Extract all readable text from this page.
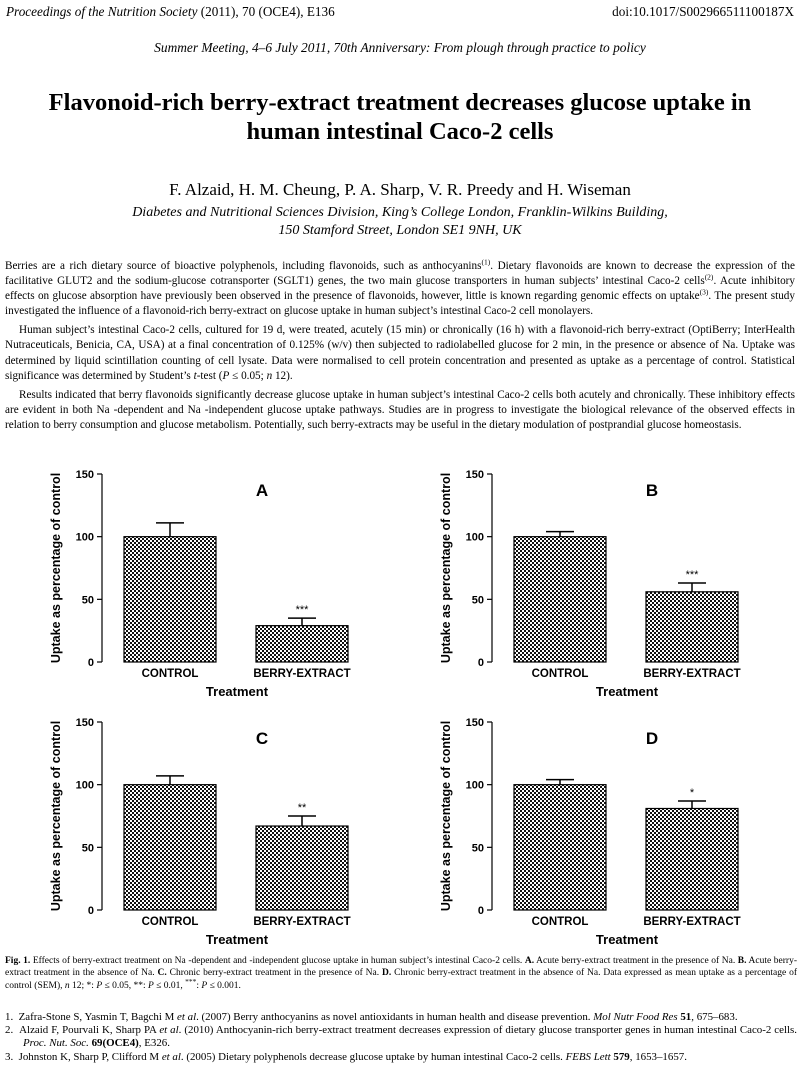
Proceedings of the Nutrition Society (2011), 70 (OCE4), E136	doi:10.1017/S002966511100187X
Summer Meeting, 4–6 July 2011, 70th Anniversary: From plough through practice to policy
Flavonoid-rich berry-extract treatment decreases glucose uptake in human intestinal Caco-2 cells
F. Alzaid, H. M. Cheung, P. A. Sharp, V. R. Preedy and H. Wiseman
Diabetes and Nutritional Sciences Division, King’s College London, Franklin-Wilkins Building,
150 Stamford Street, London SE1 9NH, UK

Berries are a rich dietary source of bioactive polyphenols, including flavonoids, such as anthocyanins$^{(1)}$. Dietary flavonoids are known to decrease the expression of the facilitative GLUT2 and the sodium-glucose cotransporter (SGLT1) genes, the two main glucose transporters in human subjects’ intestinal Caco-2 cells$^{(2)}$. Acute inhibitory effects on glucose absorption have previously been observed in the presence of flavonoids, however, little is known regarding genomic effects on uptake$^{(3)}$. The present study investigated the influence of a flavonoid-rich berry-extract on glucose uptake in human subject’s intestinal Caco-2 cell monolayers.

Human subject’s intestinal Caco-2 cells, cultured for 19 d, were treated, acutely (15 min) or chronically (16 h) with a flavonoid-rich berry-extract (OptiBerry; InterHealth Nutraceuticals, Benicia, CA, USA) at a final concentration of 0.125% (w/v) then subjected to radiolabelled glucose for 2 min, in the presence or absence of Na. Uptake was determined by liquid scintillation counting of cell lysate. Data were normalised to cell protein concentration and presented as uptake as a percentage of control. Statistical significance was determined by Student’s t-test (P ≤ 0.05; n 12).

Results indicated that berry flavonoids significantly decrease glucose uptake in human subject’s intestinal Caco-2 cells both acutely and chronically. These inhibitory effects are evident in both Na -dependent and Na -independent glucose uptake pathways. Studies are in progress to investigate the biological relevance of the observed effects in relation to berry consumption and glucose metabolism. Potentially, such berry-extracts may be useful in the dietary modulation of postprandial glucose homeostasis.

0
50
100
150
Uptake as percentage of control
CONTROL
***
BERRY-EXTRACT
A
Treatment
0
50
100
150
Uptake as percentage of control
CONTROL
***
BERRY-EXTRACT
B
Treatment
0
50
100
150
Uptake as percentage of control
CONTROL
**
BERRY-EXTRACT
C
Treatment
0
50
100
150
Uptake as percentage of control
CONTROL
*
BERRY-EXTRACT
D
Treatment
Fig. 1. Effects of berry-extract treatment on Na -dependent and -independent glucose uptake in human subject’s intestinal Caco-2 cells. A. Acute berry-extract treatment in the presence of Na. B. Acute berry-extract treatment in the absence of Na. C. Chronic berry-extract treatment in the presence of Na. D. Chronic berry-extract treatment in the absence of Na. Data expressed as mean uptake as a percentage of control (SEM), n 12; *: P ≤ 0.05, **: P ≤ 0.01, ***: P ≤ 0.001.
1. Zafra-Stone S, Yasmin T, Bagchi M et al. (2007) Berry anthocyanins as novel antioxidants in human health and disease prevention. Mol Nutr Food Res 51, 675–683.
2. Alzaid F, Pourvali K, Sharp PA et al. (2010) Anthocyanin-rich berry-extract treatment decreases expression of dietary glucose transporter genes in human intestinal Caco-2 cells. Proc. Nut. Soc. 69(OCE4), E326.
3. Johnston K, Sharp P, Clifford M et al. (2005) Dietary polyphenols decrease glucose uptake by human intestinal Caco-2 cells. FEBS Lett 579, 1653–1657.
